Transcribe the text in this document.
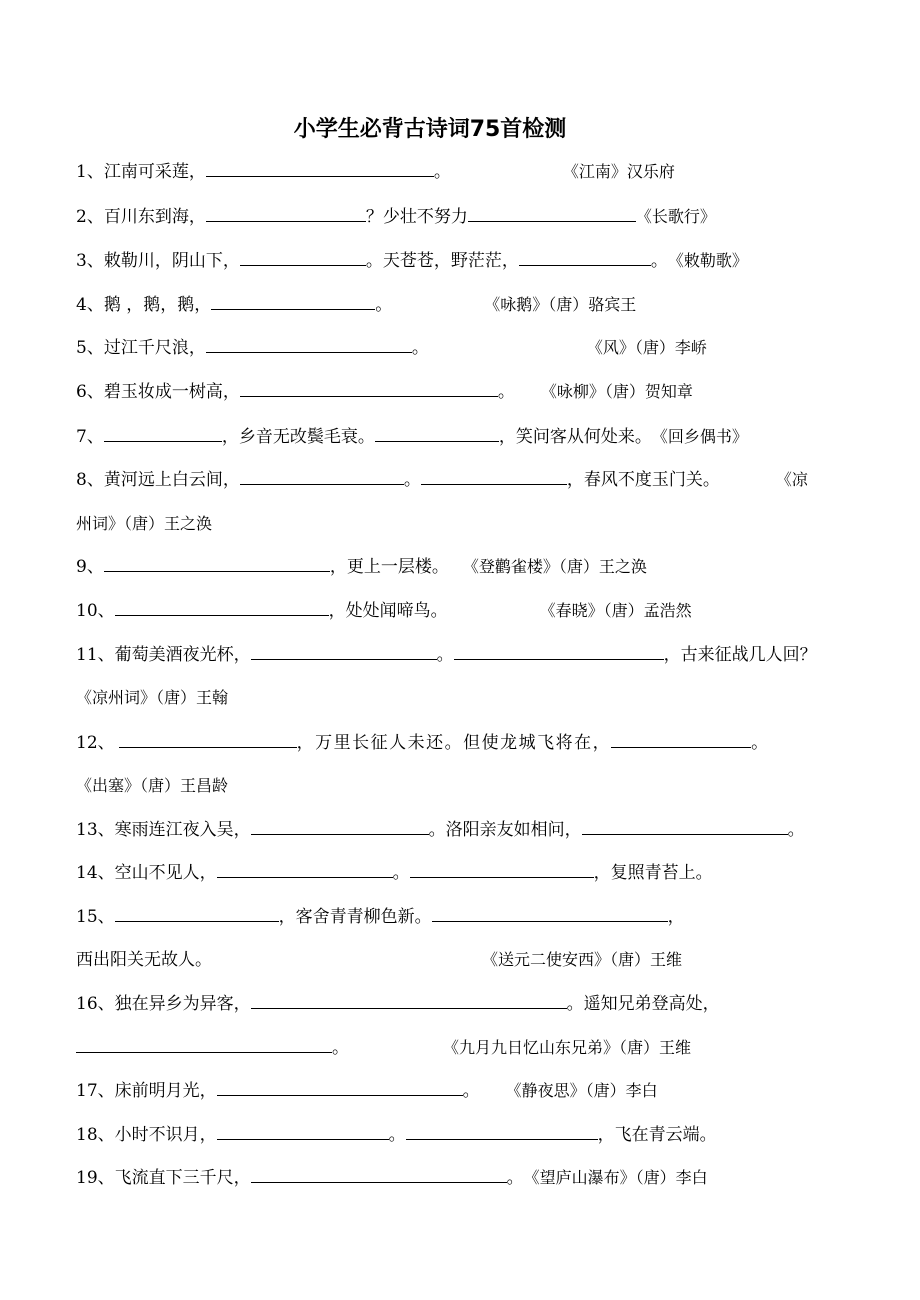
小学生必背古诗词75首检测
1、江南可采莲，	。	《江南》汉乐府
2、百川东到海，	？少壮不努力	《长歌行》
3、敕勒川，阴山下，	。天苍苍，野茫茫，	。《敕勒歌》
4、鹅 ，鹅，鹅，	。	《咏鹅》（唐）骆宾王
5、过江千尺浪，	。	《风》（唐）李峤
6、碧玉妆成一树高，	。 《咏柳》（唐）贺知章
7、	，乡音无改鬓毛衰。	，笑问客从何处来。《回乡偶书》
8、黄河远上白云间，	。	，春风不度玉门关。	《凉
州词》（唐）王之涣
9、	，更上一层楼。 《登鹳雀楼》（唐）王之涣
10、	，处处闻啼鸟。	《春晓》（唐）孟浩然
11、葡萄美酒夜光杯，	。	，古来征战几人回？
《凉州词》（唐）王翰
12、	，万里长征人未还。但使龙城飞将在，	。
《出塞》（唐）王昌龄
13、寒雨连江夜入吴，	。洛阳亲友如相问，	。
14、空山不见人，	。	，复照青苔上。
15、	，客舍青青柳色新。	，
西出阳关无故人。	《送元二使安西》（唐）王维
16、独在异乡为异客，	。遥知兄弟登高处，
。	《九月九日忆山东兄弟》（唐）王维
17、床前明月光，	。 《静夜思》（唐）李白
18、小时不识月，	。	，飞在青云端。
19、飞流直下三千尺，	。《望庐山瀑布》（唐）李白
